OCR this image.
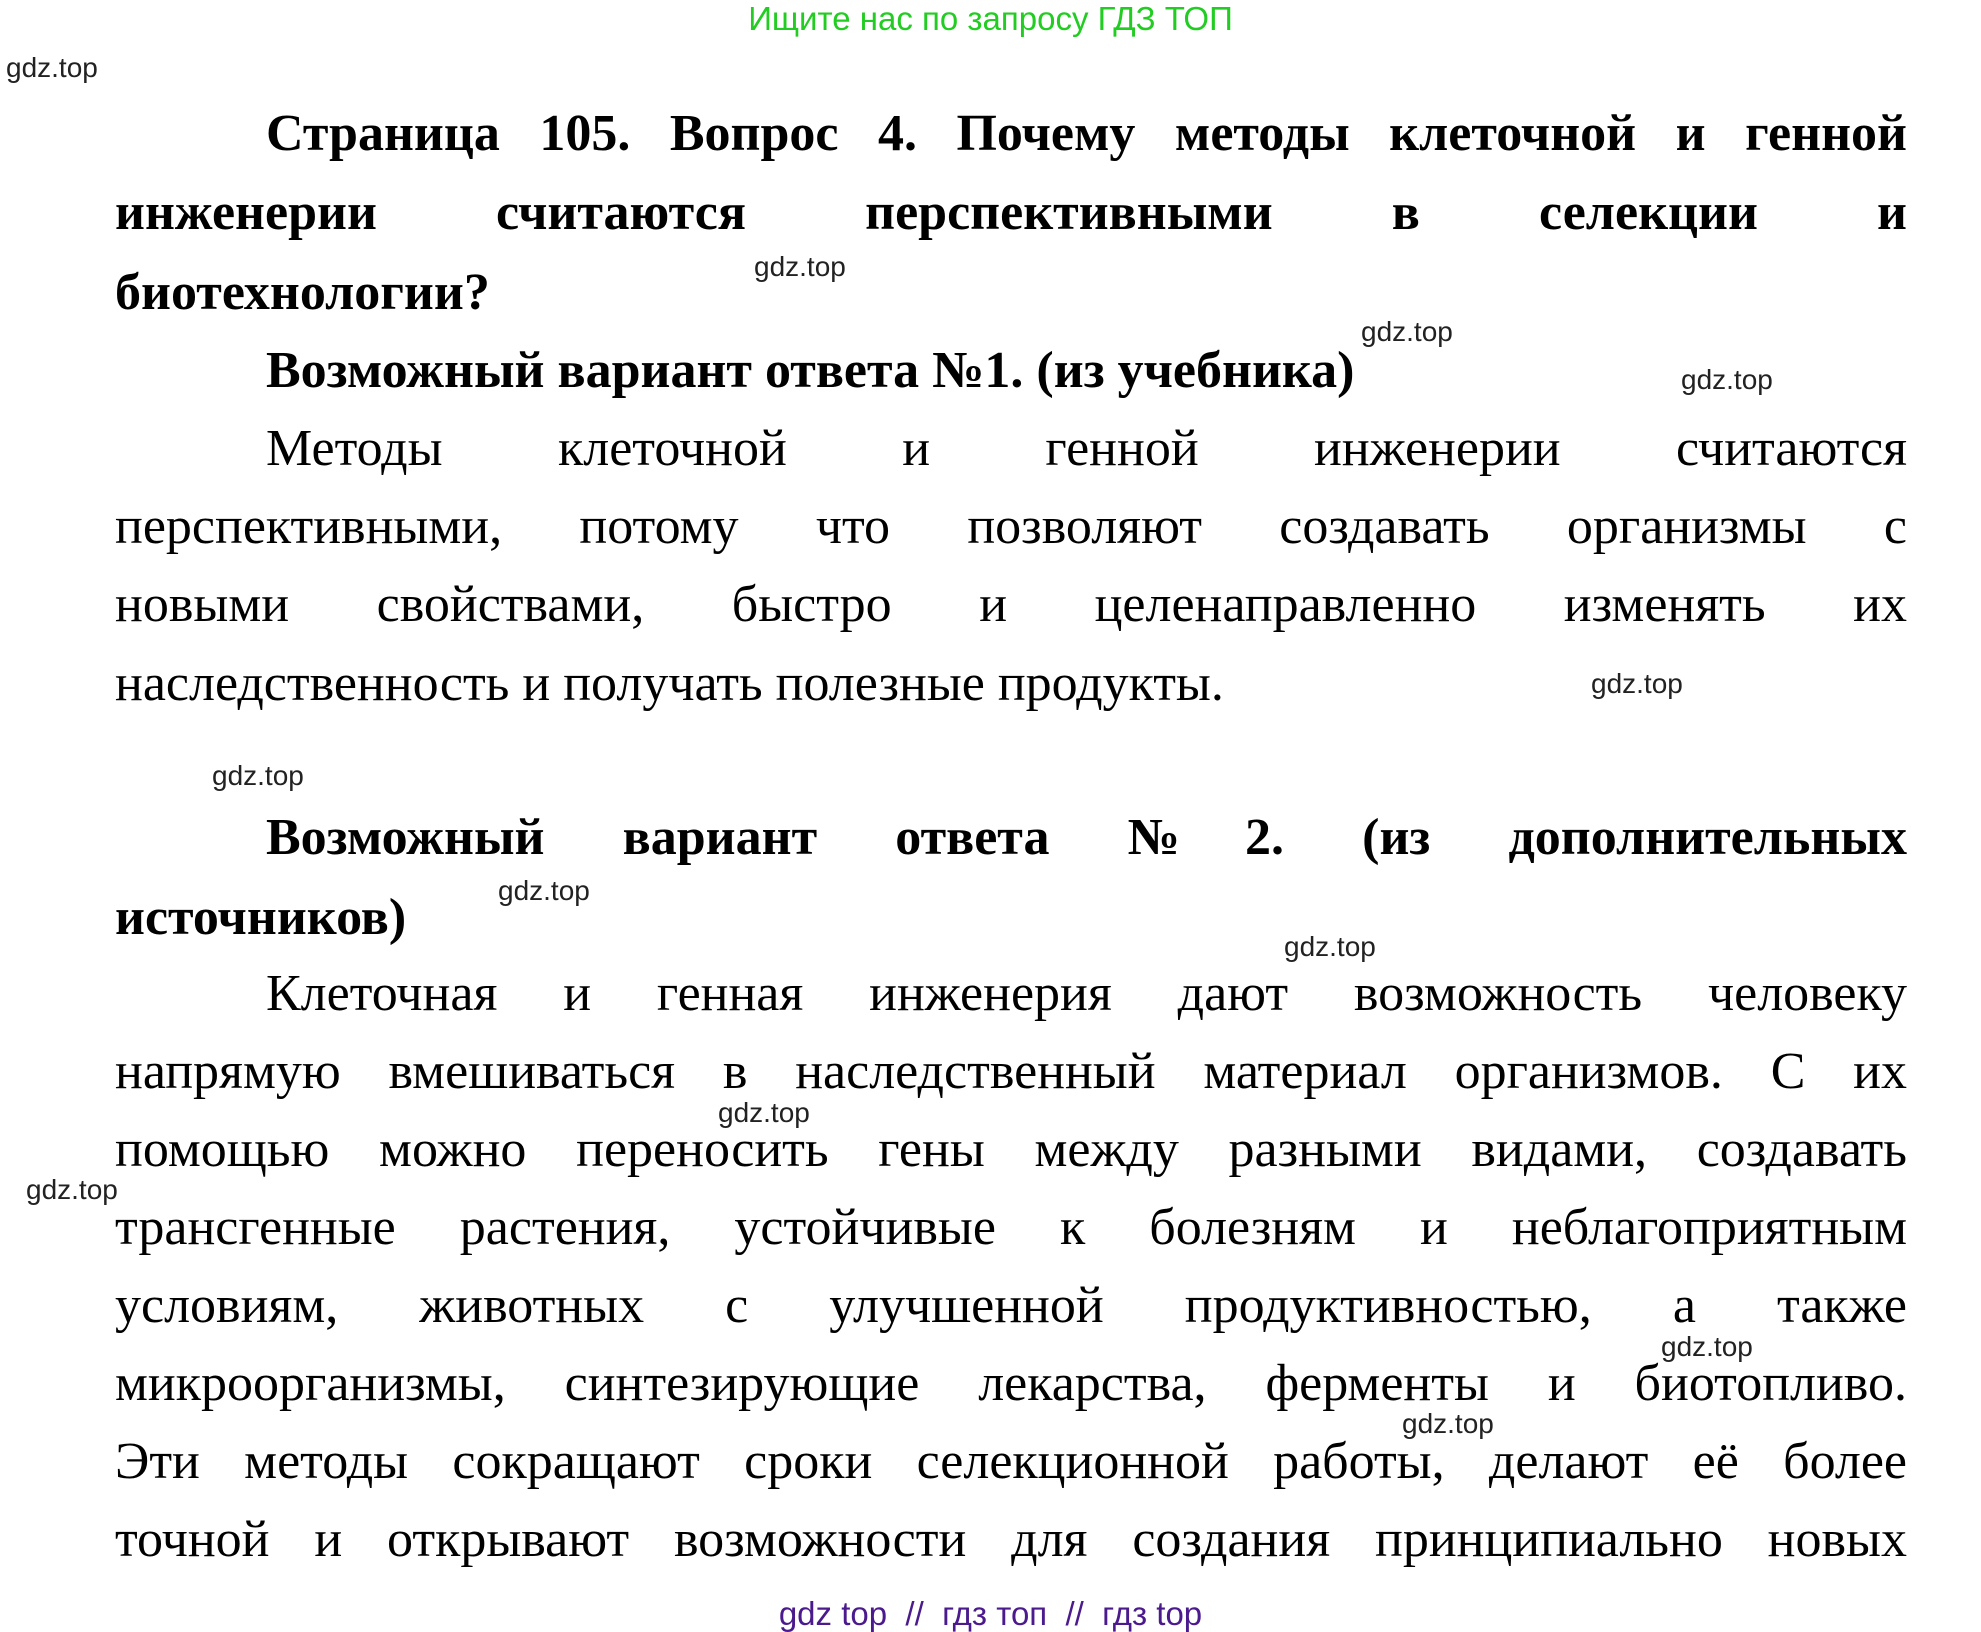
Ищите нас по запросу ГДЗ ТОП
Страница 105. Вопрос 4. Почему методы клеточной и генной
инженерии считаются перспективными в селекции и
биотехнологии?
Возможный вариант ответа №1. (из учебника)
Методы клеточной и генной инженерии считаются
перспективными, потому что позволяют создавать организмы с
новыми свойствами, быстро и целенаправленно изменять их
наследственность и получать полезные продукты.
Возможный вариант ответа №2. (из дополнительных
источников)
Клеточная и генная инженерия дают возможность человеку
напрямую вмешиваться в наследственный материал организмов. С их
помощью можно переносить гены между разными видами, создавать
трансгенные растения, устойчивые к болезням и неблагоприятным
условиям, животных с улучшенной продуктивностью, а также
микроорганизмы, синтезирующие лекарства, ферменты и биотопливо.
Эти методы сокращают сроки селекционной работы, делают её более
точной и открывают возможности для создания принципиально новых
gdz.top
gdz.top
gdz.top
gdz.top
gdz.top
gdz.top
gdz.top
gdz.top
gdz.top
gdz.top
gdz.top
gdz.top
gdz top  //  гдз топ  //  гдз top
